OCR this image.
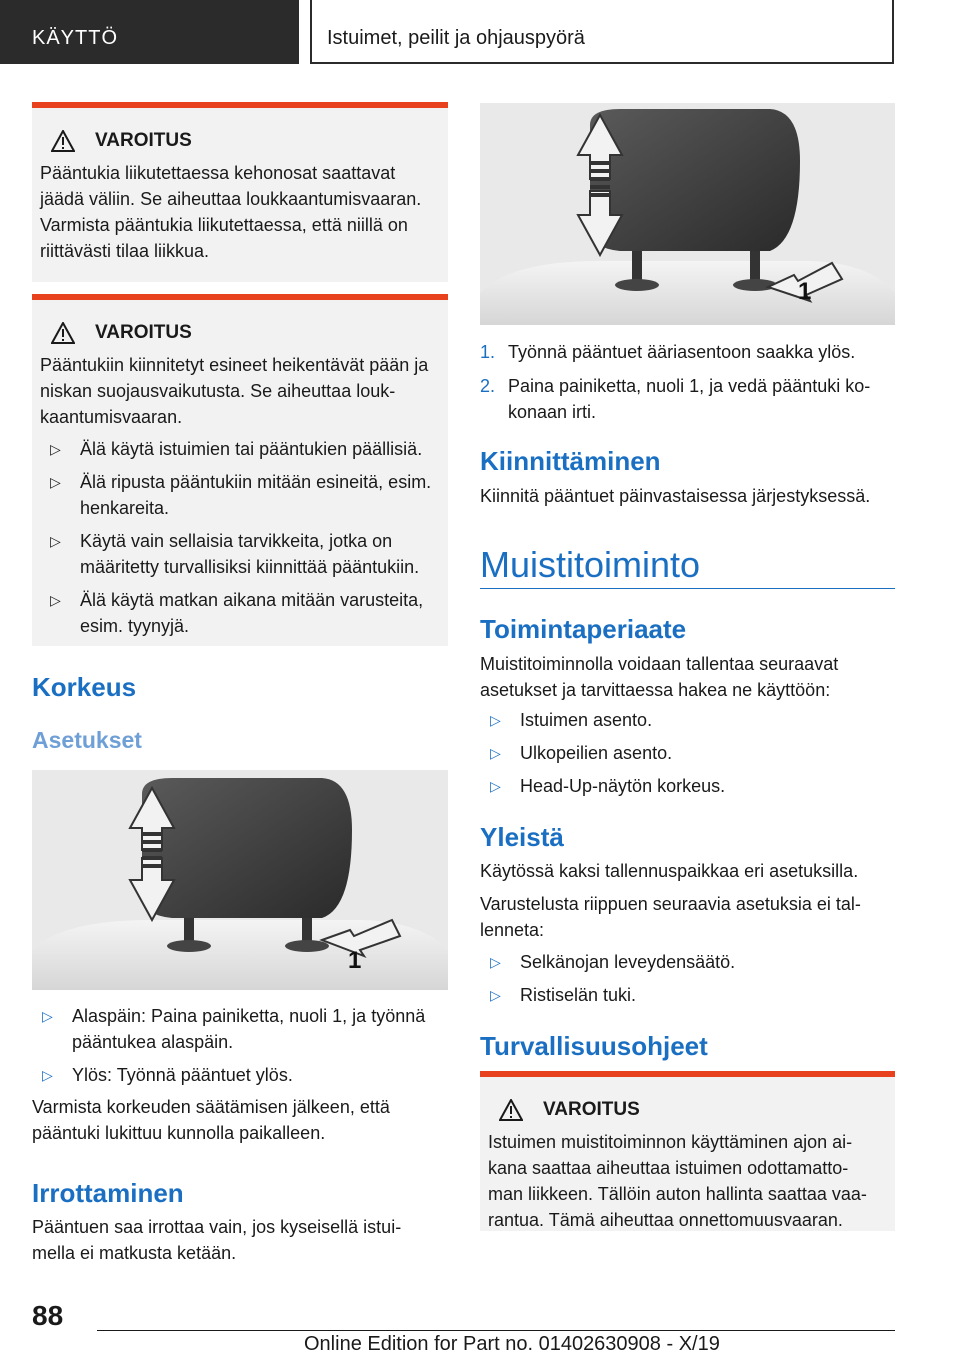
KÄYTTÖ	Istuimet, peilit ja ohjauspyörä
VAROITUS

Pääntukia liikutettaessa kehonosat saattavat jäädä väliin. Se aiheuttaa loukkaantumisvaaran. Varmista pääntukia liikutettaessa, että niillä on riittävästi tilaa liikkua.

VAROITUS

Pääntukiin kiinnitetyt esineet heikentävät pään ja niskan suojausvaikutusta. Se aiheuttaa louk-kaantumisvaaran.

▷ Älä käytä istuimien tai pääntukien päällisiä.
▷ Älä ripusta pääntukiin mitään esineitä, esim. henkareita.
▷ Käytä vain sellaisia tarvikkeita, jotka on määritetty turvallisiksi kiinnittää pääntukiin.
▷ Älä käytä matkan aikana mitään varusteita, esim. tyynyjä.
Korkeus
Asetukset
1
▷ Alaspäin: Paina painiketta, nuoli 1, ja työnnä pääntukea alaspäin.
▷ Ylös: Työnnä pääntuet ylös.
Varmista korkeuden säätämisen jälkeen, että pääntuki lukittuu kunnolla paikalleen.
Irrottaminen
Pääntuen saa irrottaa vain, jos kyseisellä istui-mella ei matkusta ketään.
1
1. Työnnä pääntuet ääriasentoon saakka ylös.
2. Paina painiketta, nuoli 1, ja vedä pääntuki ko-konaan irti.
Kiinnittäminen
Kiinnitä pääntuet päinvastaisessa järjestyksessä.
Muistitoiminto
Toimintaperiaate
Muistitoiminnolla voidaan tallentaa seuraavat asetukset ja tarvittaessa hakea ne käyttöön:
▷ Istuimen asento.
▷ Ulkopeilien asento.
▷ Head-Up-näytön korkeus.
Yleistä
Käytössä kaksi tallennuspaikkaa eri asetuksilla.
Varustelusta riippuen seuraavia asetuksia ei tal-lenneta:
▷ Selkänojan leveydensäätö.
▷ Ristiselän tuki.
Turvallisuusohjeet
VAROITUS

Istuimen muistitoiminnon käyttäminen ajon ai-kana saattaa aiheuttaa istuimen odottamatto-man liikkeen. Tällöin auton hallinta saattaa vaa-rantua. Tämä aiheuttaa onnettomuusvaaran.

88
Online Edition for Part no. 01402630908 - X/19
